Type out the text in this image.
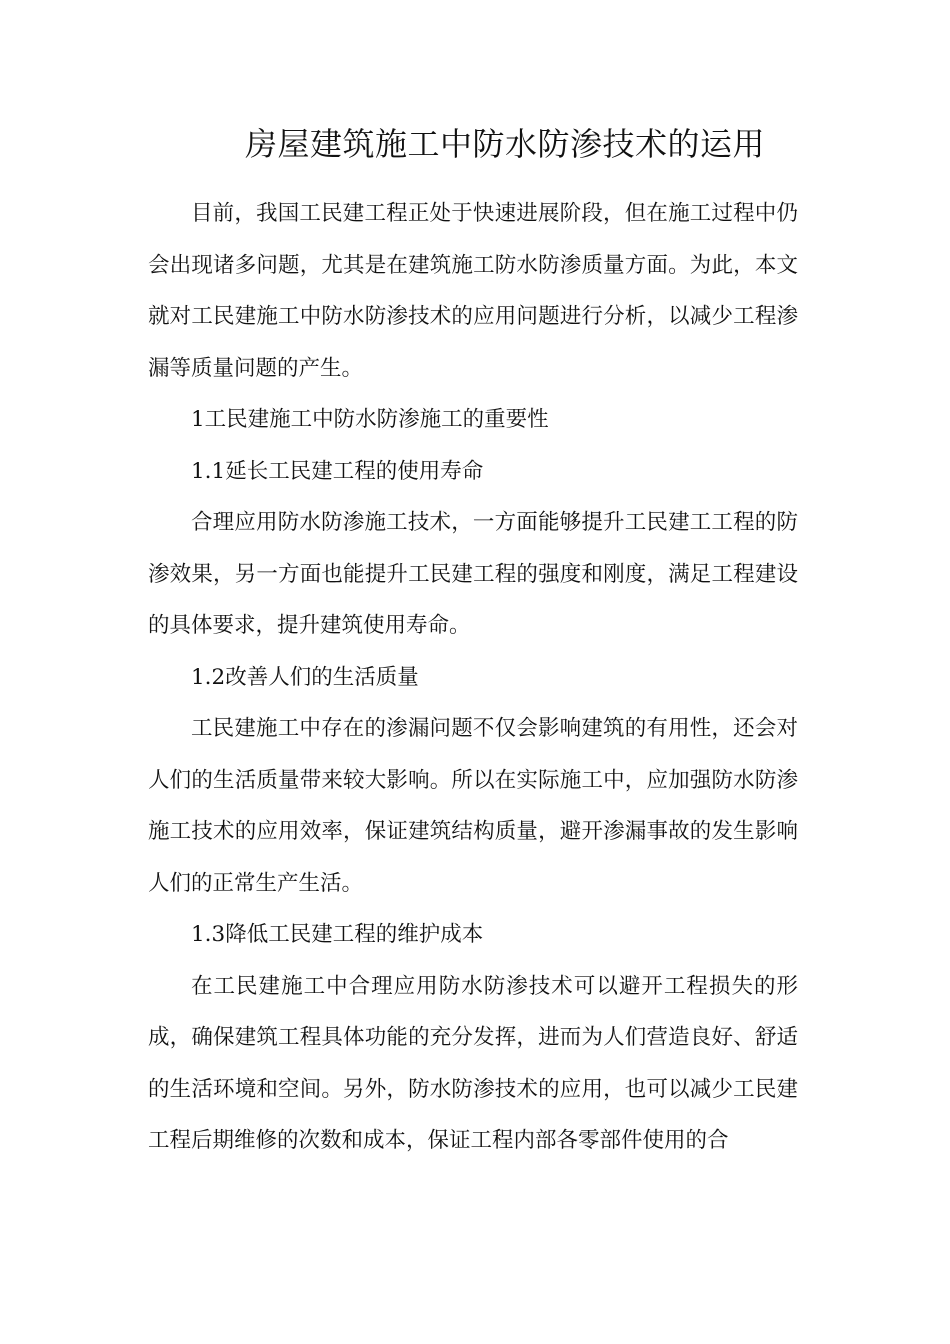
房屋建筑施工中防水防渗技术的运用

目前，我国工民建工程正处于快速进展阶段，但在施工过程中仍会出现诸多问题，尤其是在建筑施工防水防渗质量方面。为此，本文就对工民建施工中防水防渗技术的应用问题进行分析，以减少工程渗漏等质量问题的产生。

1工民建施工中防水防渗施工的重要性

1.1延长工民建工程的使用寿命

合理应用防水防渗施工技术，一方面能够提升工民建工工程的防渗效果，另一方面也能提升工民建工程的强度和刚度，满足工程建设的具体要求，提升建筑使用寿命。

1.2改善人们的生活质量

工民建施工中存在的渗漏问题不仅会影响建筑的有用性，还会对人们的生活质量带来较大影响。所以在实际施工中，应加强防水防渗施工技术的应用效率，保证建筑结构质量，避开渗漏事故的发生影响人们的正常生产生活。

1.3降低工民建工程的维护成本

在工民建施工中合理应用防水防渗技术可以避开工程损失的形成，确保建筑工程具体功能的充分发挥，进而为人们营造良好、舒适的生活环境和空间。另外，防水防渗技术的应用，也可以减少工民建工程后期维修的次数和成本，保证工程内部各零部件使用的合
